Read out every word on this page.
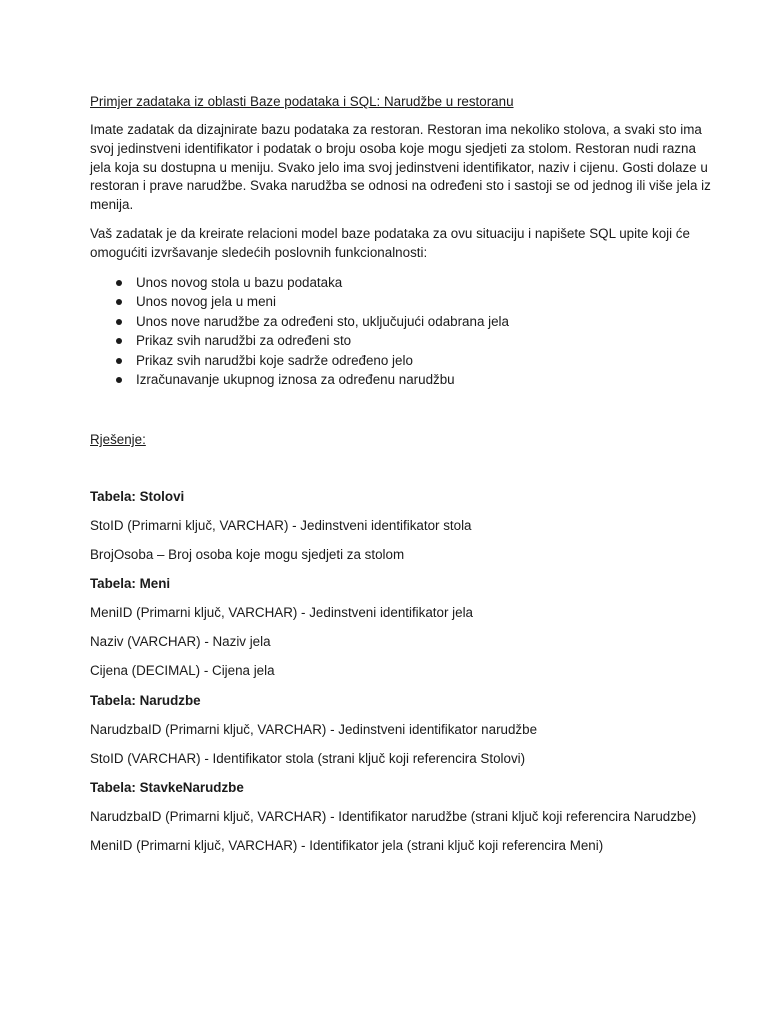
Primjer zadataka iz oblasti Baze podataka i SQL: Narudžbe u restoranu
Imate zadatak da dizajnirate bazu podataka za restoran. Restoran ima nekoliko stolova, a svaki sto ima
svoj jedinstveni identifikator i podatak o broju osoba koje mogu sjedjeti za stolom. Restoran nudi razna
jela koja su dostupna u meniju. Svako jelo ima svoj jedinstveni identifikator, naziv i cijenu. Gosti dolaze u
restoran i prave narudžbe. Svaka narudžba se odnosi na određeni sto i sastoji se od jednog ili više jela iz
menija.
Vaš zadatak je da kreirate relacioni model baze podataka za ovu situaciju i napišete SQL upite koji će
omogućiti izvršavanje sledećih poslovnih funkcionalnosti:
Unos novog stola u bazu podataka
Unos novog jela u meni
Unos nove narudžbe za određeni sto, uključujući odabrana jela
Prikaz svih narudžbi za određeni sto
Prikaz svih narudžbi koje sadrže određeno jelo
Izračunavanje ukupnog iznosa za određenu narudžbu
Rješenje:
Tabela: Stolovi
StoID (Primarni ključ, VARCHAR) - Jedinstveni identifikator stola
BrojOsoba – Broj osoba koje mogu sjedjeti za stolom
Tabela: Meni
MeniID (Primarni ključ, VARCHAR) - Jedinstveni identifikator jela
Naziv (VARCHAR) - Naziv jela
Cijena (DECIMAL) - Cijena jela
Tabela: Narudzbe
NarudzbaID (Primarni ključ, VARCHAR) - Jedinstveni identifikator narudžbe
StoID (VARCHAR) - Identifikator stola (strani ključ koji referencira Stolovi)
Tabela: StavkeNarudzbe
NarudzbaID (Primarni ključ, VARCHAR) - Identifikator narudžbe (strani ključ koji referencira Narudzbe)
MeniID (Primarni ključ, VARCHAR) - Identifikator jela (strani ključ koji referencira Meni)
